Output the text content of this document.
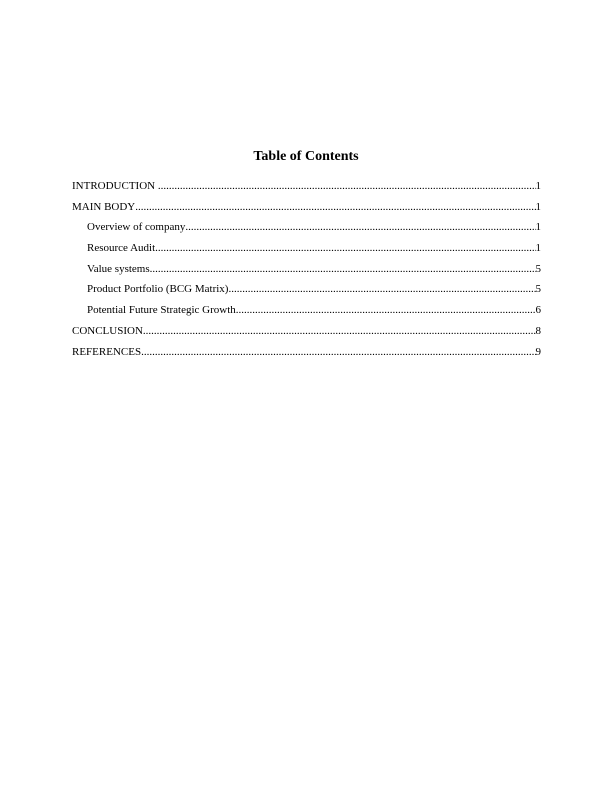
Table of Contents
INTRODUCTION .....	1
MAIN BODY .....	1
Overview of company .....	1
Resource Audit .....	1
Value systems .....	5
Product Portfolio (BCG Matrix) .....	5
Potential Future Strategic Growth .....	6
CONCLUSION .....	8
REFERENCES .....	9
